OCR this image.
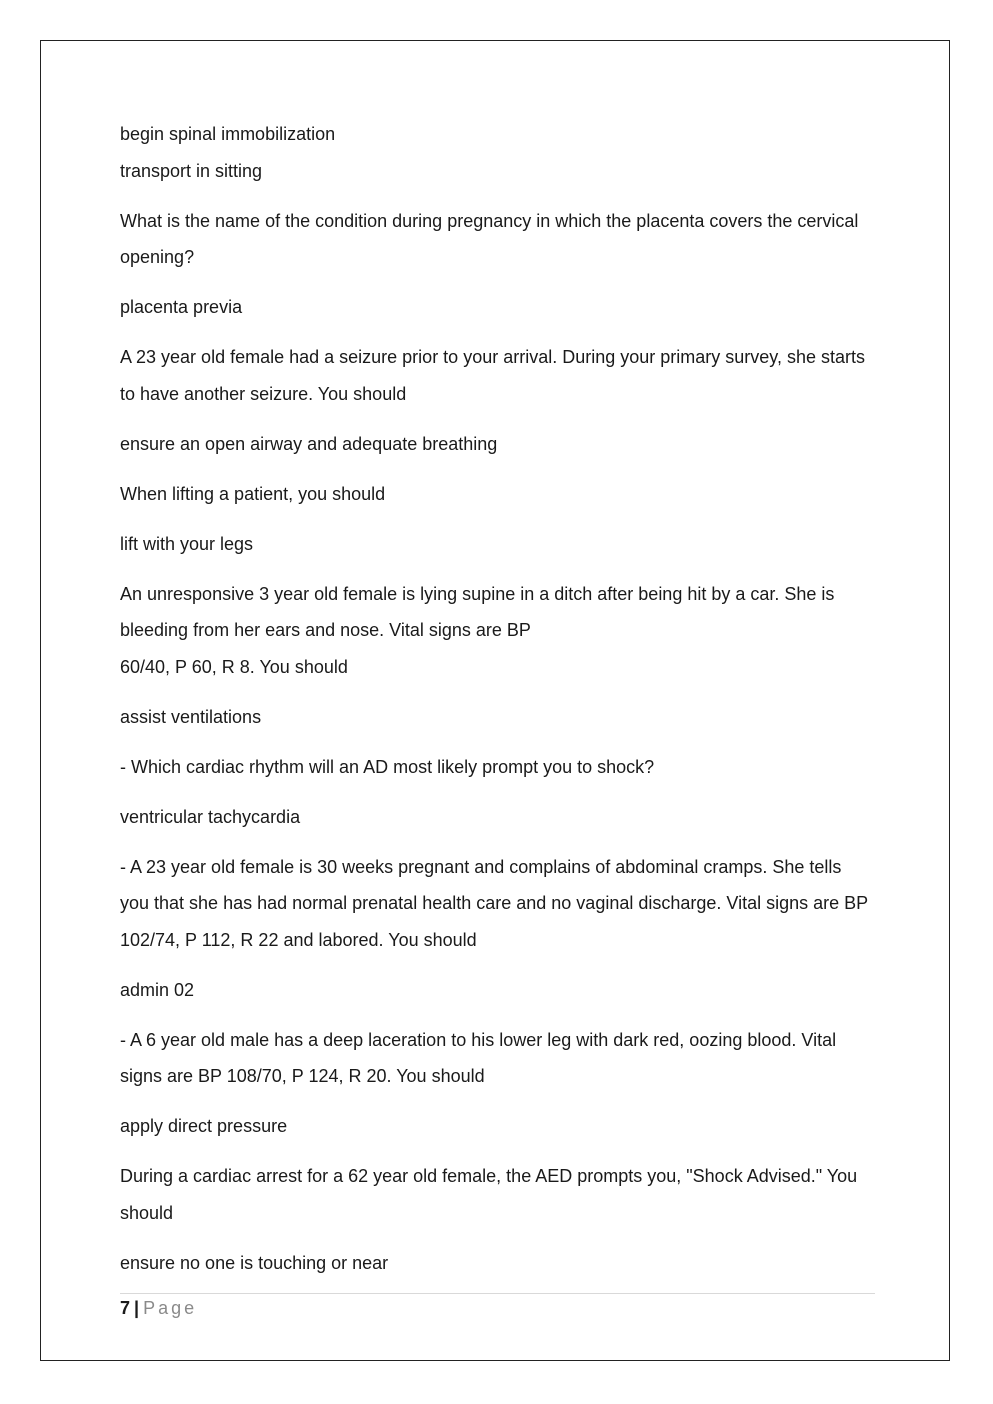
begin spinal immobilization

transport in sitting

What is the name of the condition during pregnancy in which the placenta covers the cervical opening?

placenta previa

A 23 year old female had a seizure prior to your arrival. During your primary survey, she starts to have another seizure. You should

ensure an open airway and adequate breathing

When lifting a patient, you should

lift with your legs

An unresponsive 3 year old female is lying supine in a ditch after being hit by a car. She is bleeding from her ears and nose. Vital signs are BP
60/40, P 60, R 8. You should

assist ventilations

- Which cardiac rhythm will an AD most likely prompt you to shock?

ventricular tachycardia

- A 23 year old female is 30 weeks pregnant and complains of abdominal cramps. She tells you that she has had normal prenatal health care and no vaginal discharge. Vital signs are BP 102/74, P 112, R 22 and labored. You should

admin 02

- A 6 year old male has a deep laceration to his lower leg with dark red, oozing blood. Vital signs are BP 108/70, P 124, R 20. You should

apply direct pressure

During a cardiac arrest for a 62 year old female, the AED prompts you, "Shock Advised." You should

ensure no one is touching or near

7 | Page
